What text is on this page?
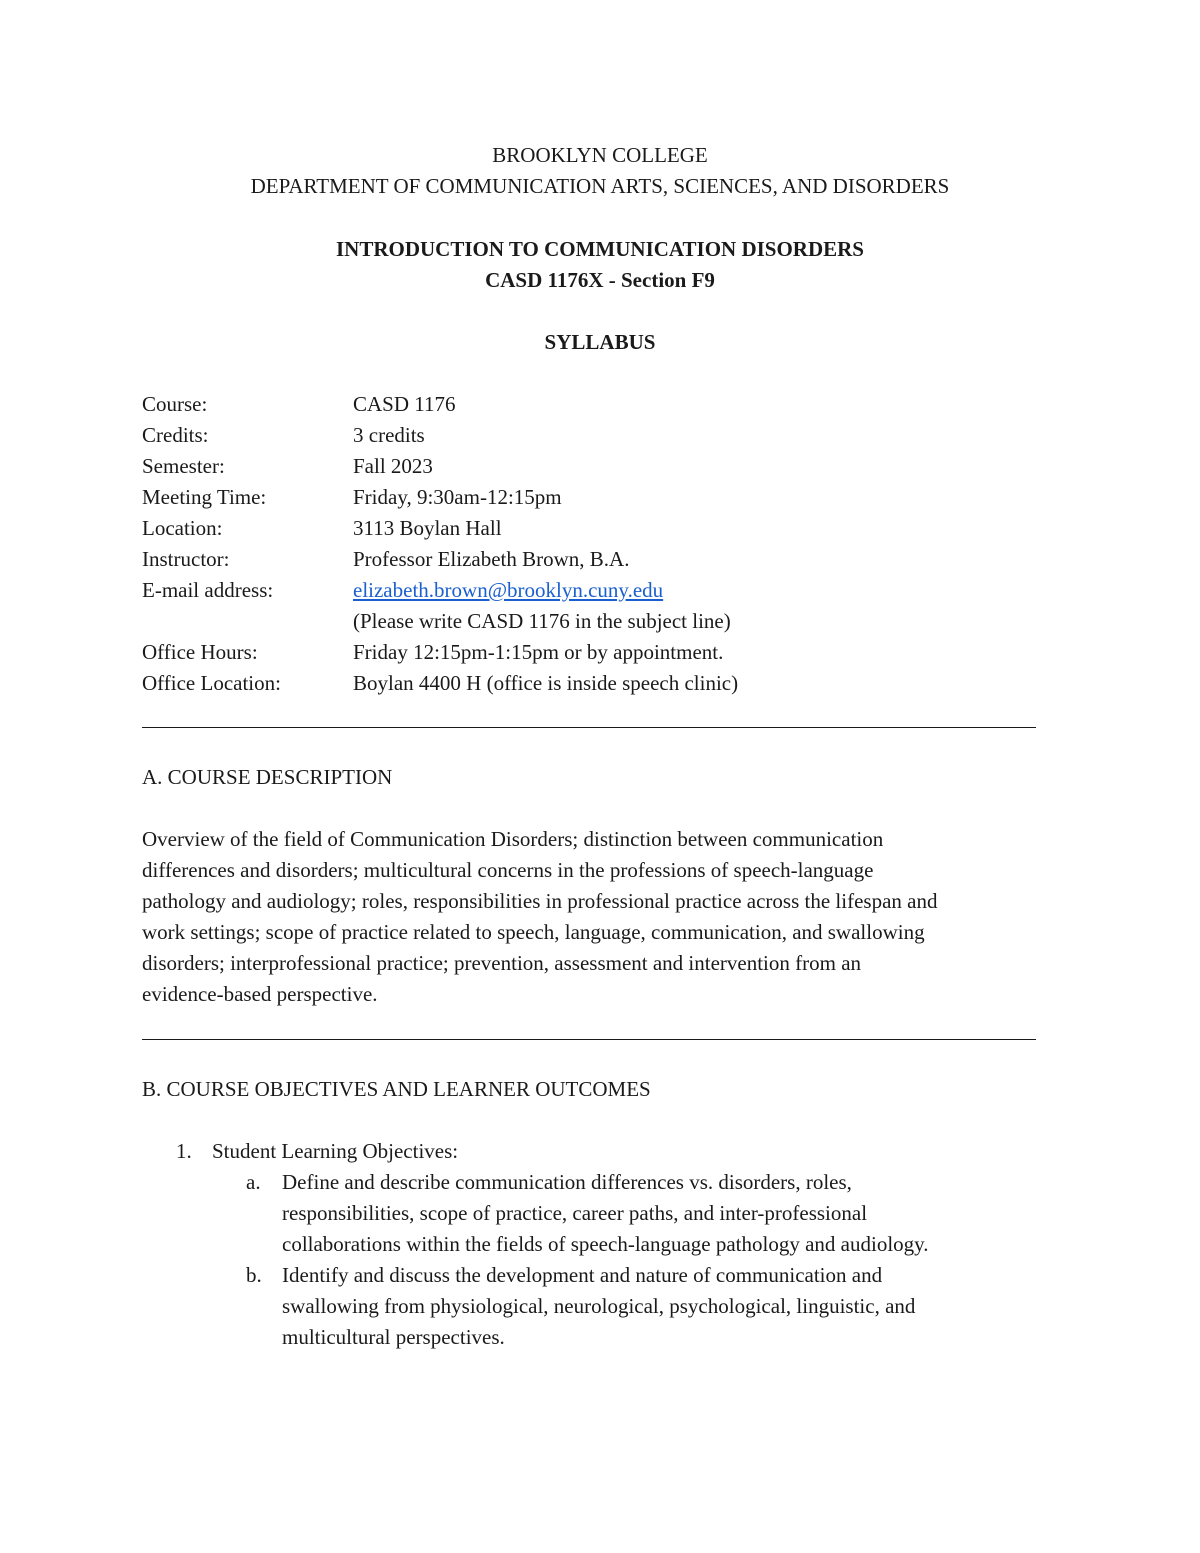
BROOKLYN COLLEGE
DEPARTMENT OF COMMUNICATION ARTS, SCIENCES, AND DISORDERS
INTRODUCTION TO COMMUNICATION DISORDERS
CASD 1176X - Section F9
SYLLABUS
Course:	CASD 1176
Credits:	3 credits
Semester:	Fall 2023
Meeting Time:	Friday, 9:30am-12:15pm
Location:	3113 Boylan Hall
Instructor:	Professor Elizabeth Brown, B.A.
E-mail address:	elizabeth.brown@brooklyn.cuny.edu
(Please write CASD 1176 in the subject line)
Office Hours:	Friday 12:15pm-1:15pm or by appointment.
Office Location:	Boylan 4400 H (office is inside speech clinic)
A. COURSE DESCRIPTION
Overview of the field of Communication Disorders; distinction between communication
differences and disorders; multicultural concerns in the professions of speech-language
pathology and audiology; roles, responsibilities in professional practice across the lifespan and
work settings; scope of practice related to speech, language, communication, and swallowing
disorders; interprofessional practice; prevention, assessment and intervention from an
evidence-based perspective.
B. COURSE OBJECTIVES AND LEARNER OUTCOMES
1. Student Learning Objectives:
a. Define and describe communication differences vs. disorders, roles,
responsibilities, scope of practice, career paths, and inter-professional
collaborations within the fields of speech-language pathology and audiology.
b. Identify and discuss the development and nature of communication and
swallowing from physiological, neurological, psychological, linguistic, and
multicultural perspectives.
